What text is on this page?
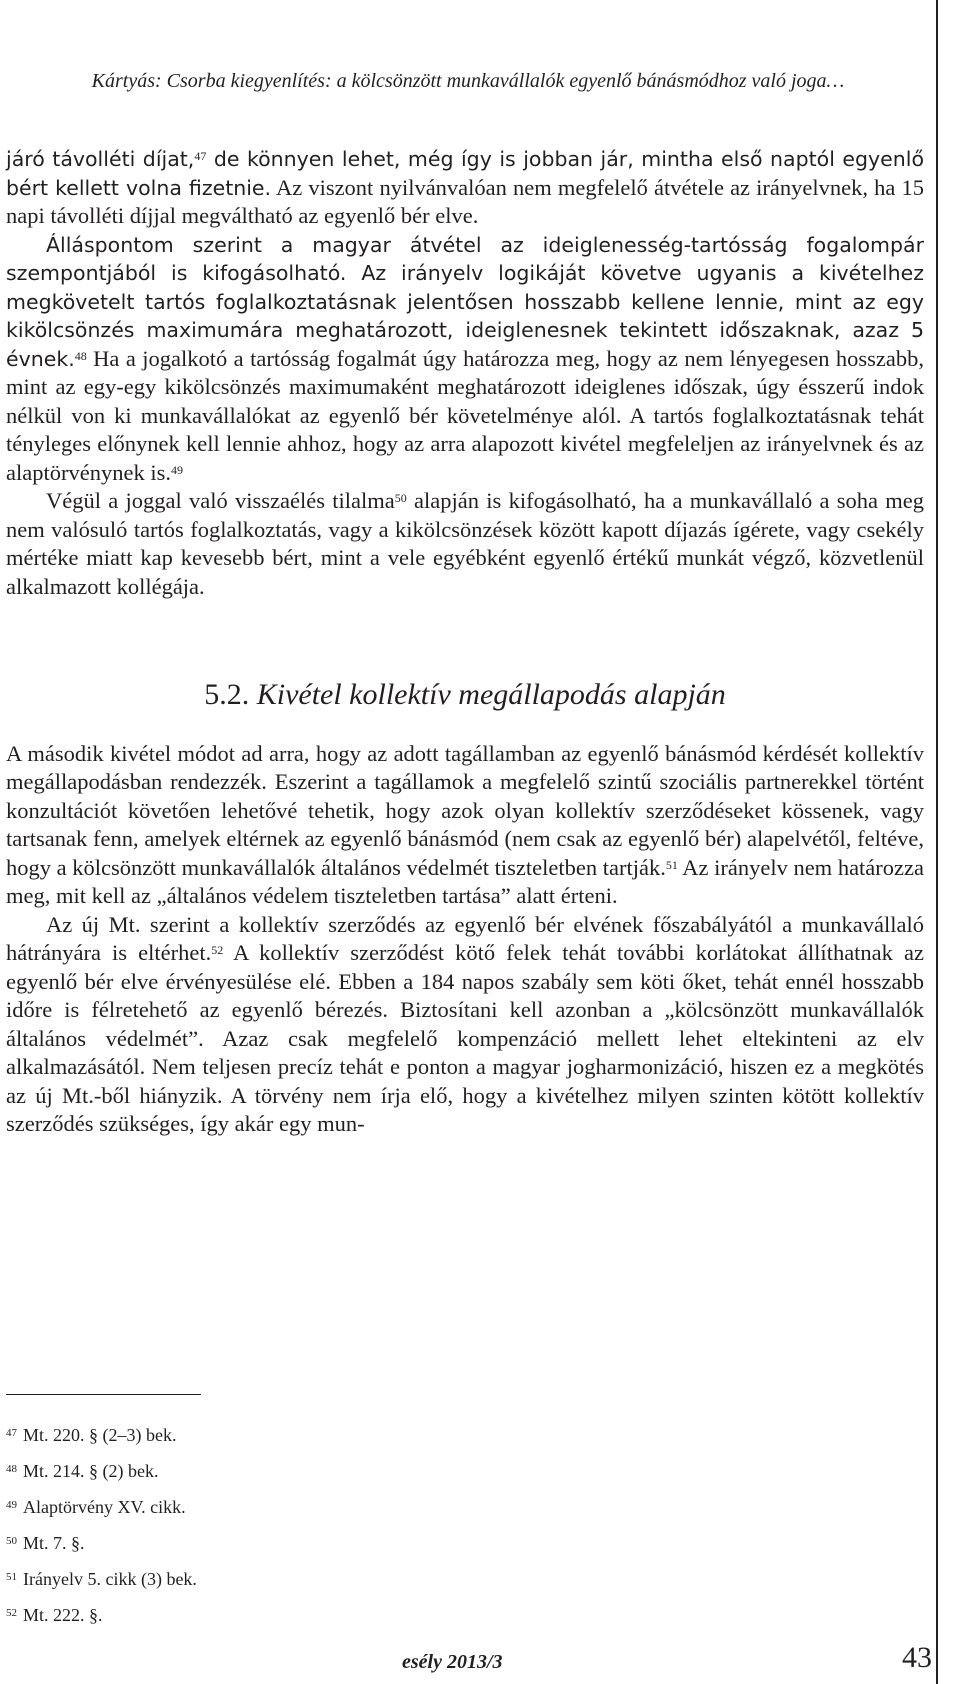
Kártyás: Csorba kiegyenlítés: a kölcsönzött munkavállalók egyenlő bánásmódhoz való joga…

járó távolléti díjat,$^{47}$ de könnyen lehet, még így is jobban jár, mintha első naptól egyenlő bért kellett volna fizetnie. Az viszont nyilvánvalóan nem megfelelő átvétele az irányelvnek, ha 15 napi távolléti díjjal megváltható az egyenlő bér elve.

Álláspontom szerint a magyar átvétel az ideiglenesség-tartósság fogalompár szempontjából is kifogásolható. Az irányelv logikáját követve ugyanis a kivételhez megkövetelt tartós foglalkoztatásnak jelentősen hosszabb kellene lennie, mint az egy kikölcsönzés maximumára meghatározott, ideiglenesnek tekintett időszaknak, azaz 5 évnek.$^{48}$ Ha a jogalkotó a tartósság fogalmát úgy határozza meg, hogy az nem lényegesen hosszabb, mint az egy-egy kikölcsönzés maximumaként meghatározott ideiglenes időszak, úgy ésszerű indok nélkül von ki munkavállalókat az egyenlő bér követelménye alól. A tartós foglalkoztatásnak tehát tényleges előnynek kell lennie ahhoz, hogy az arra alapozott kivétel megfeleljen az irányelvnek és az alaptörvénynek is.$^{49}$

Végül a joggal való visszaélés tilalma$^{50}$ alapján is kifogásolható, ha a munkavállaló a soha meg nem valósuló tartós foglalkoztatás, vagy a kikölcsönzések között kapott díjazás ígérete, vagy csekély mértéke miatt kap kevesebb bért, mint a vele egyébként egyenlő értékű munkát végző, közvetlenül alkalmazott kollégája.

5.2. Kivétel kollektív megállapodás alapján

A második kivétel módot ad arra, hogy az adott tagállamban az egyenlő bánásmód kérdését kollektív megállapodásban rendezzék. Eszerint a tagállamok a megfelelő szintű szociális partnerekkel történt konzultációt követően lehetővé tehetik, hogy azok olyan kollektív szerződéseket kössenek, vagy tartsanak fenn, amelyek eltérnek az egyenlő bánásmód (nem csak az egyenlő bér) alapelvétől, feltéve, hogy a kölcsönzött munkavállalók általános védelmét tiszteletben tartják.$^{51}$ Az irányelv nem határozza meg, mit kell az „általános védelem tiszteletben tartása” alatt érteni.

Az új Mt. szerint a kollektív szerződés az egyenlő bér elvének főszabályától a munkavállaló hátrányára is eltérhet.$^{52}$ A kollektív szerződést kötő felek tehát további korlátokat állíthatnak az egyenlő bér elve érvényesülése elé. Ebben a 184 napos szabály sem köti őket, tehát ennél hosszabb időre is félretehető az egyenlő bérezés. Biztosítani kell azonban a „kölcsönzött munkavállalók általános védelmét”. Azaz csak megfelelő kompenzáció mellett lehet eltekinteni az elv alkalmazásától. Nem teljesen precíz tehát e ponton a magyar jogharmonizáció, hiszen ez a megkötés az új Mt.-ből hiányzik. A törvény nem írja elő, hogy a kivételhez milyen szinten kötött kollektív szerződés szükséges, így akár egy mun-

$^{47}$ Mt. 220. § (2–3) bek.
$^{48}$ Mt. 214. § (2) bek.
$^{49}$ Alaptörvény XV. cikk.
$^{50}$ Mt. 7. §.
$^{51}$ Irányelv 5. cikk (3) bek.
$^{52}$ Mt. 222. §.
esély 2013/3	43
